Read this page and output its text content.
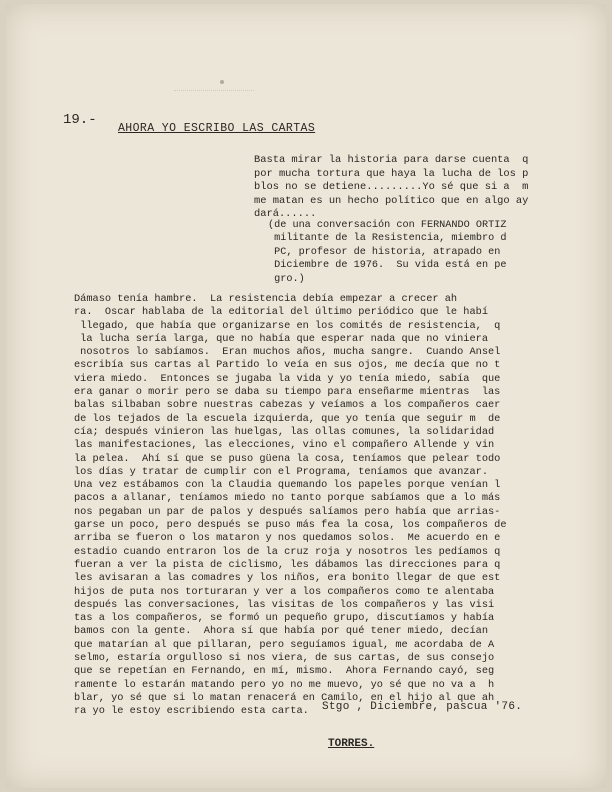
19.-
AHORA YO ESCRIBO LAS CARTAS

Basta mirar la historia para darse cuenta  q

por mucha tortura que haya la lucha de los p

blos no se detiene.........Yo sé que si a  m

me matan es un hecho político que en algo ay

dará......

(de una conversación con FERNANDO ORTIZ

militante de la Resistencia, miembro d

PC, profesor de historia, atrapado en

Diciembre de 1976.  Su vida está en pe

gro.)

Dámaso tenía hambre.  La resistencia debía empezar a crecer ah

ra.  Oscar hablaba de la editorial del último periódico que le habí

llegado, que había que organizarse en los comités de resistencia,  q

la lucha sería larga, que no había que esperar nada que no viniera

nosotros lo sabíamos.  Eran muchos años, mucha sangre.  Cuando Ansel

escribía sus cartas al Partido lo veía en sus ojos, me decía que no t

viera miedo.  Entonces se jugaba la vida y yo tenía miedo, sabía  que

era ganar o morir pero se daba su tiempo para enseñarme mientras  las

balas silbaban sobre nuestras cabezas y veíamos a los compañeros caer

de los tejados de la escuela izquierda, que yo tenía que seguir m  de

cía; después vinieron las huelgas, las ollas comunes, la solidaridad

las manifestaciones, las elecciones, vino el compañero Allende y vin

la pelea.  Ahí sí que se puso güena la cosa, teníamos que pelear todo

los días y tratar de cumplir con el Programa, teníamos que avanzar.

Una vez estábamos con la Claudia quemando los papeles porque venían l

pacos a allanar, teníamos miedo no tanto porque sabíamos que a lo más

nos pegaban un par de palos y después salíamos pero había que arrias-

garse un poco, pero después se puso más fea la cosa, los compañeros de

arriba se fueron o los mataron y nos quedamos solos.  Me acuerdo en e

estadio cuando entraron los de la cruz roja y nosotros les pedíamos q

fueran a ver la pista de ciclismo, les dábamos las direcciones para q

les avisaran a las comadres y los niños, era bonito llegar de que est

hijos de puta nos torturaran y ver a los compañeros como te alentaba

después las conversaciones, las visitas de los compañeros y las visi

tas a los compañeros, se formó un pequeño grupo, discutíamos y había

bamos con la gente.  Ahora sí que había por qué tener miedo, decían

que matarían al que pillaran, pero seguíamos igual, me acordaba de A

selmo, estaría orgulloso si nos viera, de sus cartas, de sus consejo

que se repetían en Fernando, en mí, mismo.  Ahora Fernando cayó, seg

ramente lo estarán matando pero yo no me muevo, yo sé que no va a  h

blar, yo sé que si lo matan renacerá en Camilo, en el hijo al que ah

ra yo le estoy escribiendo esta carta.	Stgo , Diciembre, pascua '76.
TORRES.
